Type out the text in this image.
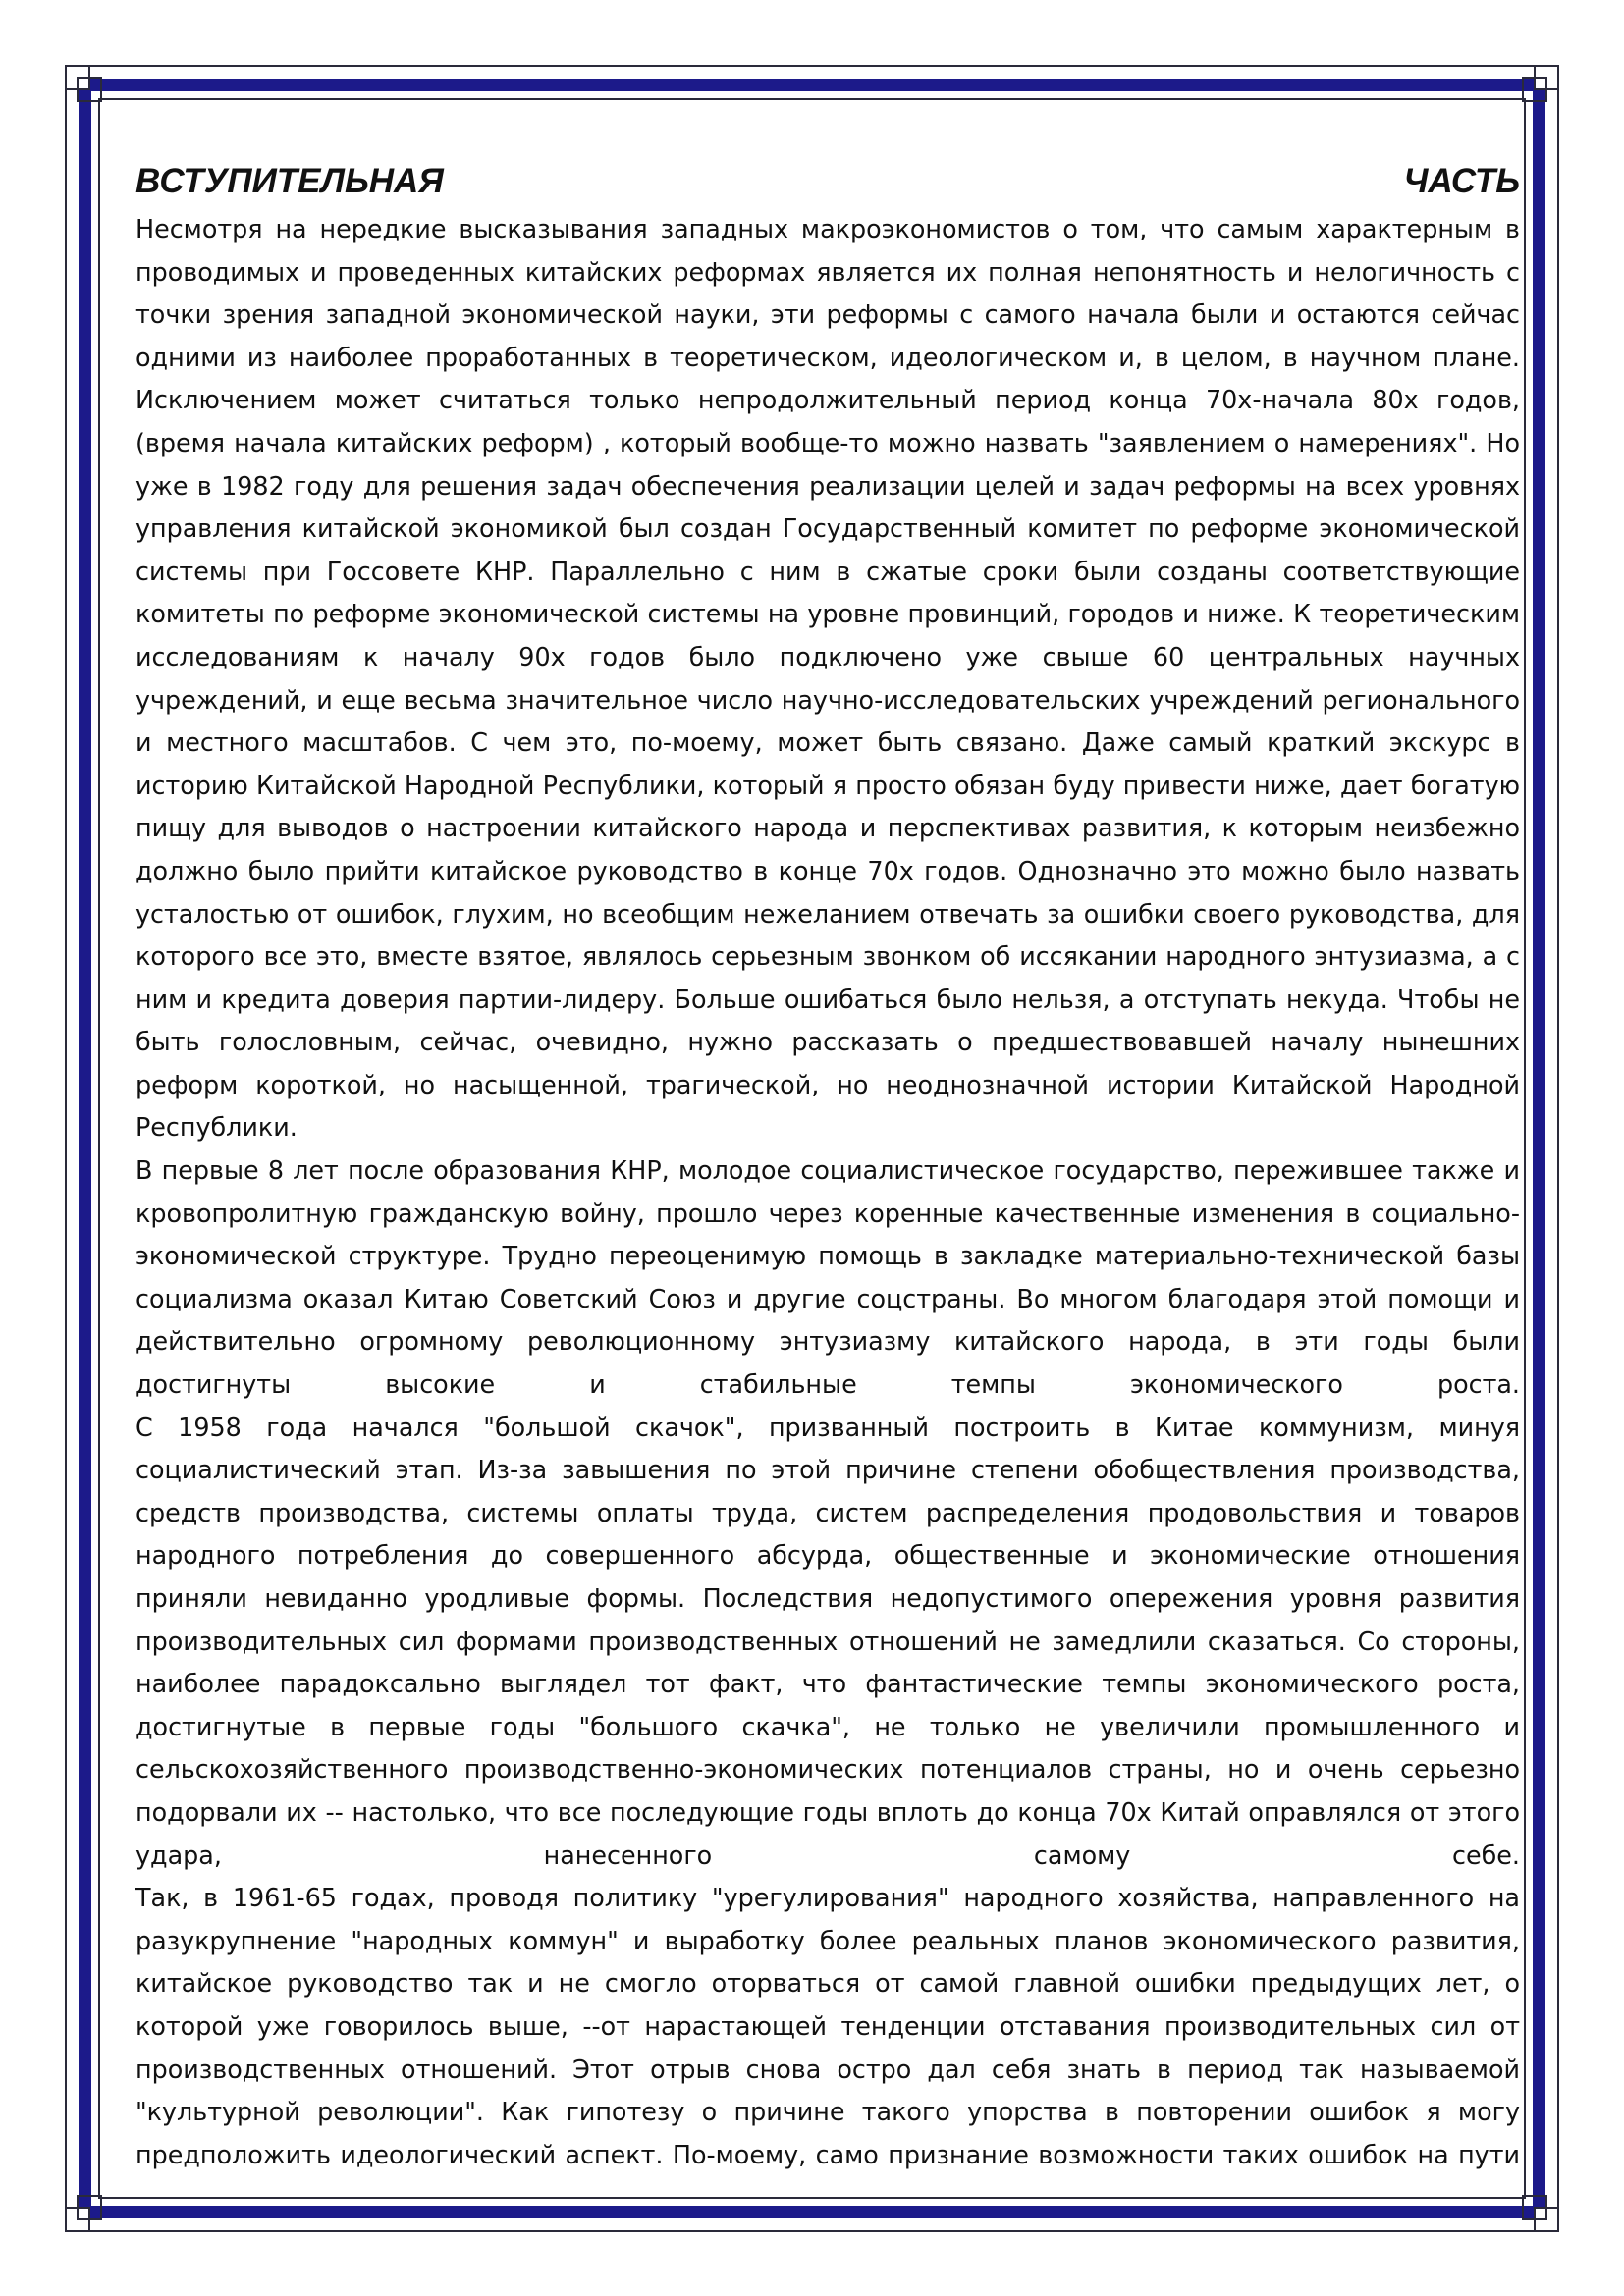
ВСТУПИТЕЛЬНАЯ	ЧАСТЬ

Несмотря на нередкие высказывания западных макроэкономистов о том, что самым характерным в проводимых и проведенных китайских реформах является их полная непонятность и нелогичность с точки зрения западной экономической науки, эти реформы с самого начала были и остаются сейчас одними из наиболее проработанных в теоретическом, идеологическом и, в целом, в научном плане. Исключением может считаться только непродолжительный период конца 70х-начала 80х годов, (время начала китайских реформ) , который вообще-то можно назвать "заявлением о намерениях". Но уже в 1982 году для решения задач обеспечения реализации целей и задач реформы на всех уровнях управления китайской экономикой был создан Государственный комитет по реформе экономической системы при Госсовете КНР. Параллельно с ним в сжатые сроки были созданы соответствующие комитеты по реформе экономической системы на уровне провинций, городов и ниже. К теоретическим исследованиям к началу 90х годов было подключено уже свыше 60 центральных научных учреждений, и еще весьма значительное число научно-исследовательских учреждений регионального и местного масштабов. С чем это, по-моему, может быть связано. Даже самый краткий экскурс в историю Китайской Народной Республики, который я просто обязан буду привести ниже, дает богатую пищу для выводов о настроении китайского народа и перспективах развития, к которым неизбежно должно было прийти китайское руководство в конце 70х годов. Однозначно это можно было назвать усталостью от ошибок, глухим, но всеобщим нежеланием отвечать за ошибки своего руководства, для которого все это, вместе взятое, являлось серьезным звонком об иссякании народного энтузиазма, а с ним и кредита доверия партии-лидеру. Больше ошибаться было нельзя, а отступать некуда. Чтобы не быть голословным, сейчас, очевидно, нужно рассказать о предшествовавшей началу нынешних реформ короткой, но насыщенной, трагической, но неоднозначной истории Китайской Народной Республики.

В первые 8 лет после образования КНР, молодое социалистическое государство, пережившее также и кровопролитную гражданскую войну, прошло через коренные качественные изменения в социально-экономической структуре. Трудно переоценимую помощь в закладке материально-технической базы социализма оказал Китаю Советский Союз и другие соцстраны. Во многом благодаря этой помощи и действительно огромному революционному энтузиазму китайского народа, в эти годы были достигнуты высокие и стабильные темпы экономического роста.

С 1958 года начался "большой скачок", призванный построить в Китае коммунизм, минуя социалистический этап. Из-за завышения по этой причине степени обобществления производства, средств производства, системы оплаты труда, систем распределения продовольствия и товаров народного потребления до совершенного абсурда, общественные и экономические отношения приняли невиданно уродливые формы. Последствия недопустимого опережения уровня развития производительных сил формами производственных отношений не замедлили сказаться. Со стороны, наиболее парадоксально выглядел тот факт, что фантастические темпы экономического роста, достигнутые в первые годы "большого скачка", не только не увеличили промышленного и сельскохозяйственного производственно-экономических потенциалов страны, но и очень серьезно подорвали их -- настолько, что все последующие годы вплоть до конца 70х Китай оправлялся от этого удара, нанесенного самому себе.

Так, в 1961-65 годах, проводя политику "урегулирования" народного хозяйства, направленного на разукрупнение "народных коммун" и выработку более реальных планов экономического развития, китайское руководство так и не смогло оторваться от самой главной ошибки предыдущих лет, о которой уже говорилось выше, --от нарастающей тенденции отставания производительных сил от производственных отношений. Этот отрыв снова остро дал себя знать в период так называемой "культурной революции". Как гипотезу о причине такого упорства в повторении ошибок я могу предположить идеологический аспект. По-моему, само признание возможности таких ошибок на пути
